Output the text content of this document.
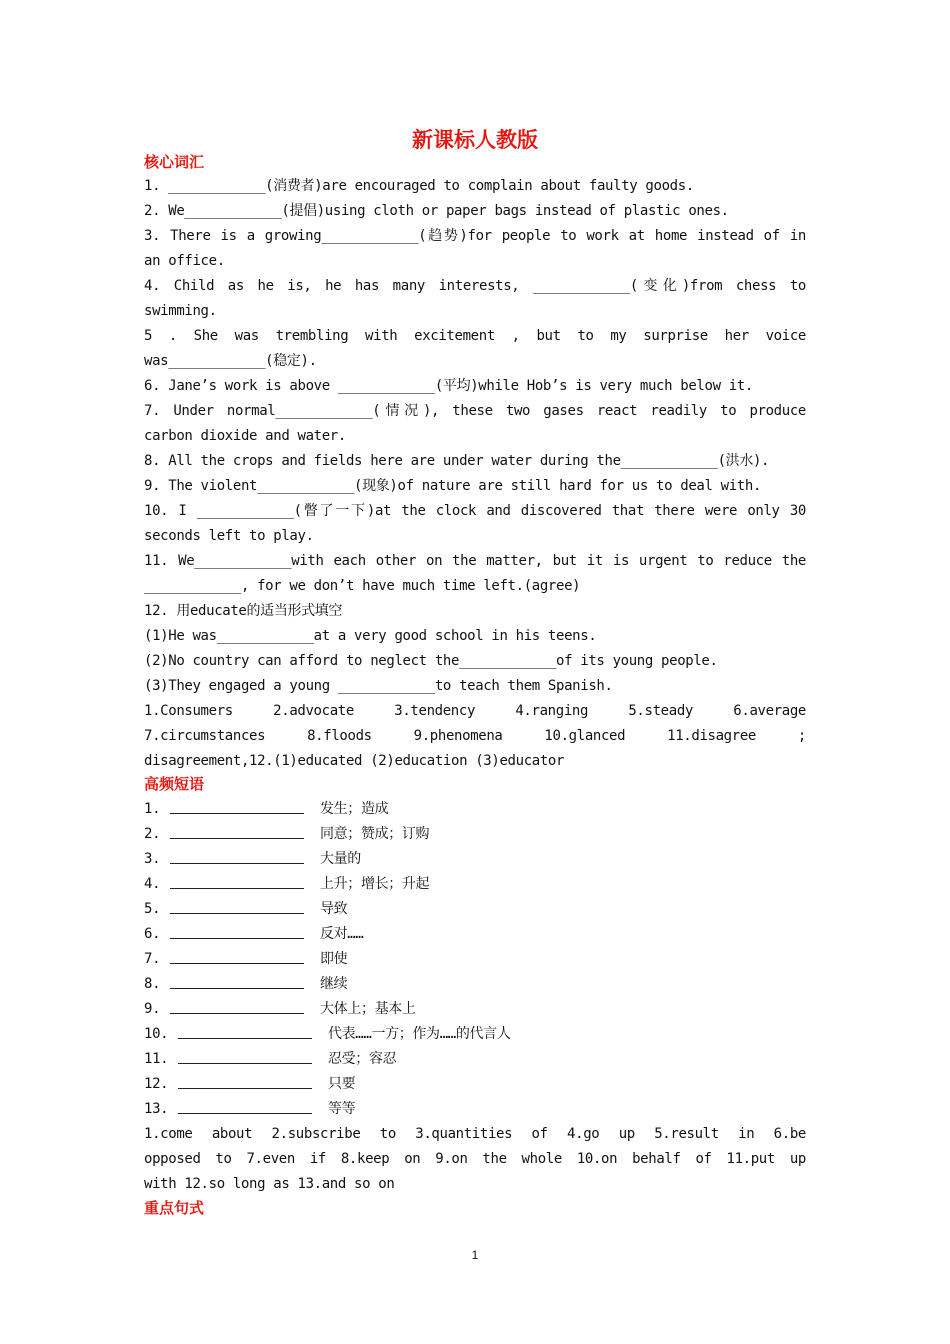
新课标人教版
核心词汇
1. ____________(消费者)are encouraged to complain about faulty goods.
2. We____________(提倡)using cloth or paper bags instead of plastic ones.
3. There is a growing____________(趋势)for people to work at home instead of in
an office.
4. Child as he is, he has many interests, ____________(变化)from chess to
swimming.
5 . She was trembling with excitement , but to my surprise her voice
was____________(稳定).
6. Jane’s work is above ____________(平均)while Hob’s is very much below it.
7. Under normal____________(情况), these two gases react readily to produce
carbon dioxide and water.
8. All the crops and fields here are under water during the____________(洪水).
9. The violent____________(现象)of nature are still hard for us to deal with.
10. I ____________(瞥了一下)at the clock and discovered that there were only 30
seconds left to play.
11. We____________with each other on the matter, but it is urgent to reduce the
____________, for we don’t have much time left.(agree)
12. 用educate的适当形式填空
(1)He was____________at a very good school in his teens.
(2)No country can afford to neglect the____________of its young people.
(3)They engaged a young ____________to teach them Spanish.
1.Consumers 2.advocate 3.tendency 4.ranging 5.steady 6.average
7.circumstances 8.floods 9.phenomena 10.glanced 11.disagree ;
disagreement,12.(1)educated (2)education (3)educator
高频短语
1.	发生；造成
2.	同意；赞成；订购
3.	大量的
4.	上升；增长；升起
5.	导致
6.	反对……
7.	即使
8.	继续
9.	大体上；基本上
10.	代表……一方；作为……的代言人
11.	忍受；容忍
12.	只要
13.	等等
1.come about 2.subscribe to 3.quantities of 4.go up 5.result in 6.be
opposed to 7.even if 8.keep on 9.on the whole 10.on behalf of 11.put up
with 12.so long as 13.and so on
重点句式
1
